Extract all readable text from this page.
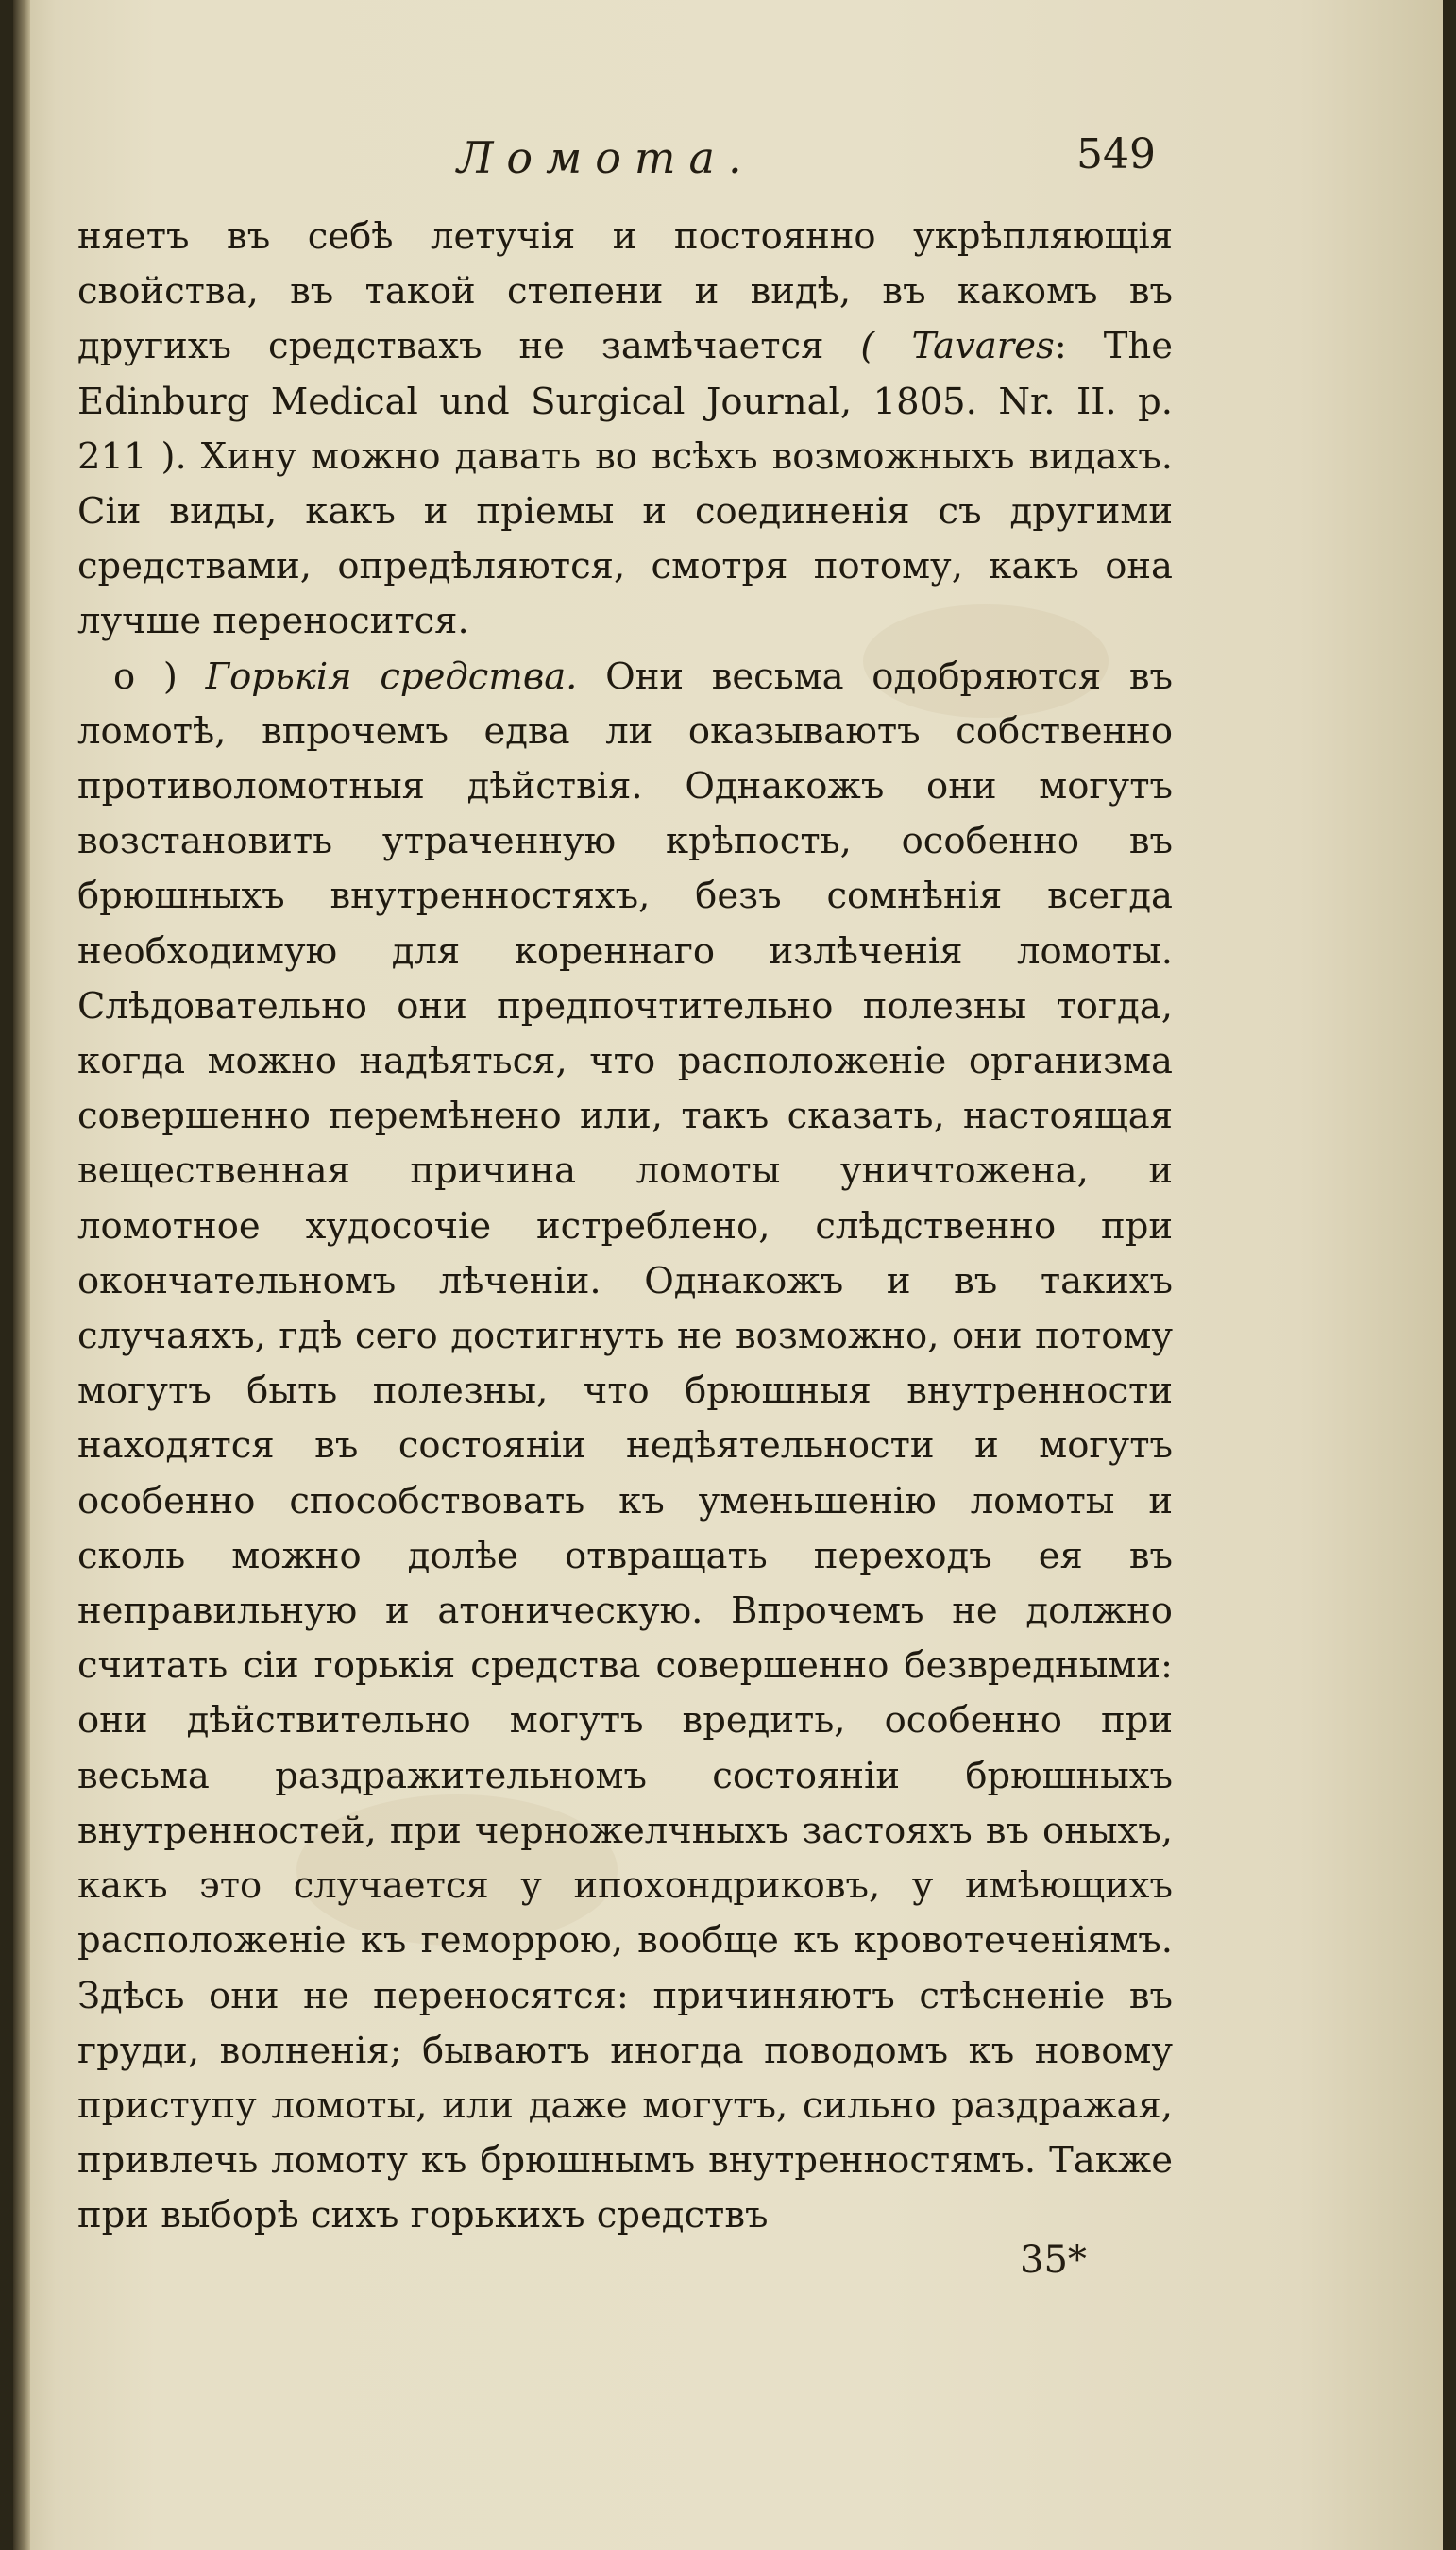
Ломота.	549

няетъ въ себѣ летучія и постоянно укрѣпляющія свойства, въ такой степени и видѣ, въ какомъ въ другихъ средствахъ не замѣчается ( Tavares: The Edinburg Medical und Surgical Journal, 1805. Nr. II. p. 211 ). Хину можно давать во всѣхъ возможныхъ видахъ. Сіи виды, какъ и пріемы и соединенія съ другими средствами, опредѣляются, смотря потому, какъ она лучше переносится.

o ) Горькія средства. Они весьма одобряются въ ломотѣ, впрочемъ едва ли оказываютъ собственно противоломотныя дѣйствія. Однакожъ они могутъ возстановить утраченную крѣпость, особенно въ брюшныхъ внутренностяхъ, безъ сомнѣнія всегда необходимую для кореннаго излѣченія ломоты. Слѣдовательно они предпочтительно полезны тогда, когда можно надѣяться, что расположеніе организма совершенно перемѣнено или, такъ сказать, настоящая вещественная причина ломоты уничтожена, и ломотное худосочіе истреблено, слѣдственно при окончательномъ лѣченіи. Однакожъ и въ такихъ случаяхъ, гдѣ сего достигнуть не возможно, они потому могутъ быть полезны, что брюшныя внутренности находятся въ состояніи недѣятельности и могутъ особенно способствовать къ уменьшенію ломоты и сколь можно долѣе отвращать переходъ ея въ неправильную и атоническую. Впрочемъ не должно считать сіи горькія средства совершенно безвредными: они дѣйствительно могутъ вредить, особенно при весьма раздражительномъ состояніи брюшныхъ внутренностей, при черножелчныхъ застояхъ въ оныхъ, какъ это случается у ипохондриковъ, у имѣющихъ расположеніе къ геморрою, вообще къ кровотеченіямъ. Здѣсь они не переносятся: причиняютъ стѣсненіе въ груди, волненія; бываютъ иногда поводомъ къ новому приступу ломоты, или даже могутъ, сильно раздражая, привлечь ломоту къ брюшнымъ внутренностямъ. Также при выборѣ сихъ горькихъ средствъ

35*
